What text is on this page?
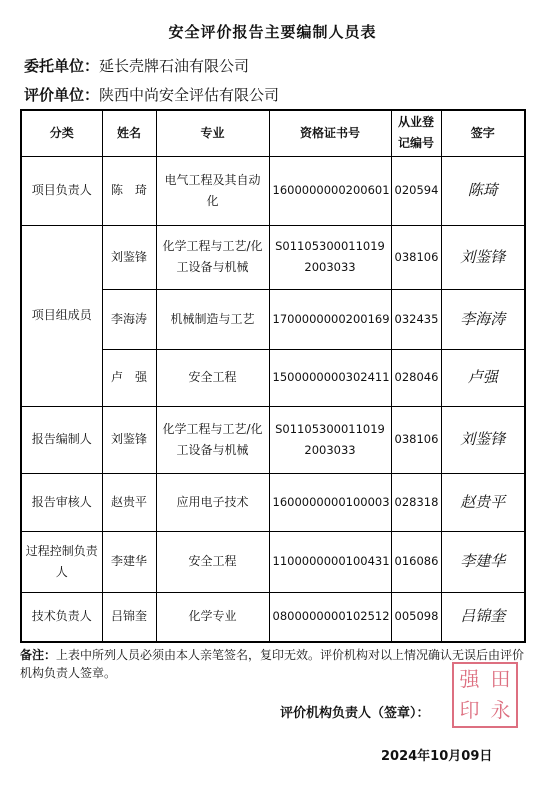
安全评价报告主要编制人员表
委托单位：延长壳牌石油有限公司
评价单位：陕西中尚安全评估有限公司
分类	姓名	专业	资格证书号	从业登记编号	签字
项目负责人	陈　琦	电气工程及其自动化	1600000000200601	020594	陈琦
项目组成员	刘鉴锋	化学工程与工艺/化工设备与机械	S011053000110192003033	038106	刘鉴锋
	李海涛	机械制造与工艺	1700000000200169	032435	李海涛
	卢　强	安全工程	1500000000302411	028046	卢强
报告编制人	刘鉴锋	化学工程与工艺/化工设备与机械	S011053000110192003033	038106	刘鉴锋
报告审核人	赵贵平	应用电子技术	1600000000100003	028318	赵贵平
过程控制负责人	李建华	安全工程	1100000000100431	016086	李建华
技术负责人	吕锦奎	化学专业	0800000000102512	005098	吕锦奎
备注：上表中所列人员必须由本人亲笔签名，复印无效。评价机构对以上情况确认无误后由评价机构负责人签章。	强 田
印 永
评价机构负责人（签章）：
2024年10月09日
